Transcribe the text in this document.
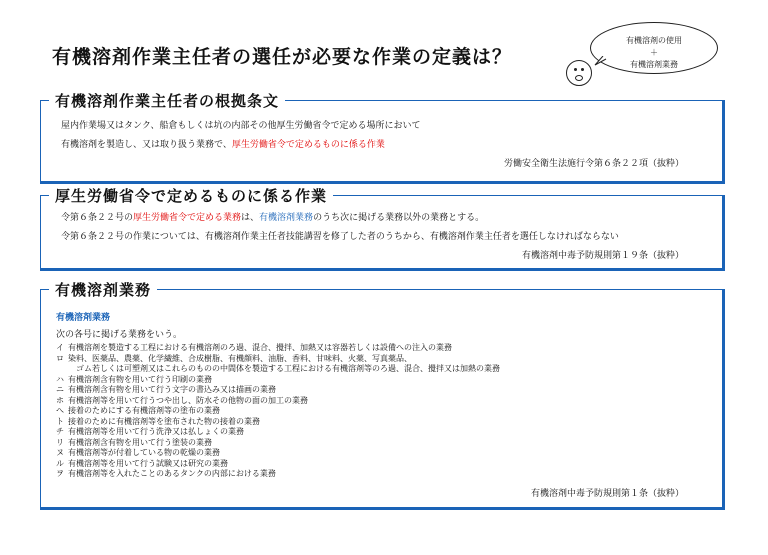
有機溶剤作業主任者の選任が必要な作業の定義は？
有機溶剤の使用
＋
有機溶剤業務
有機溶剤作業主任者の根拠条文
屋内作業場又はタンク、船倉もしくは坑の内部その他厚生労働省令で定める場所において
有機溶剤を製造し、又は取り扱う業務で、厚生労働省令で定めるものに係る作業
労働安全衛生法施行令第６条２２項（抜粋）
厚生労働省令で定めるものに係る作業
令第６条２２号の厚生労働省令で定める業務は、有機溶剤業務のうち次に掲げる業務以外の業務とする。
令第６条２２号の作業については、有機溶剤作業主任者技能講習を修了した者のうちから、有機溶剤作業主任者を選任しなければならない
有機溶剤中毒予防規則第１９条（抜粋）
有機溶剤業務
有機溶剤業務
次の各号に掲げる業務をいう。
イ 有機溶剤を製造する工程における有機溶剤のろ過、混合、攪拌、加熱又は容器若しくは設備への注入の業務
ロ 染料、医薬品、農薬、化学繊維、合成樹脂、有機顔料、油脂、香料、甘味料、火薬、写真薬品、
ゴム若しくは可塑剤又はこれらのものの中間体を製造する工程における有機溶剤等のろ過、混合、攪拌又は加熱の業務
ハ 有機溶剤含有物を用いて行う印刷の業務
ニ 有機溶剤含有物を用いて行う文字の書込み又は描画の業務
ホ 有機溶剤等を用いて行うつや出し、防水その他物の面の加工の業務
へ 接着のためにする有機溶剤等の塗布の業務
ト 接着のために有機溶剤等を塗布された物の接着の業務
チ 有機溶剤等を用いて行う洗浄又は払しょくの業務
リ 有機溶剤含有物を用いて行う塗装の業務
ヌ 有機溶剤等が付着している物の乾燥の業務
ル 有機溶剤等を用いて行う試験又は研究の業務
ヲ 有機溶剤等を入れたことのあるタンクの内部における業務
有機溶剤中毒予防規則第１条（抜粋）
